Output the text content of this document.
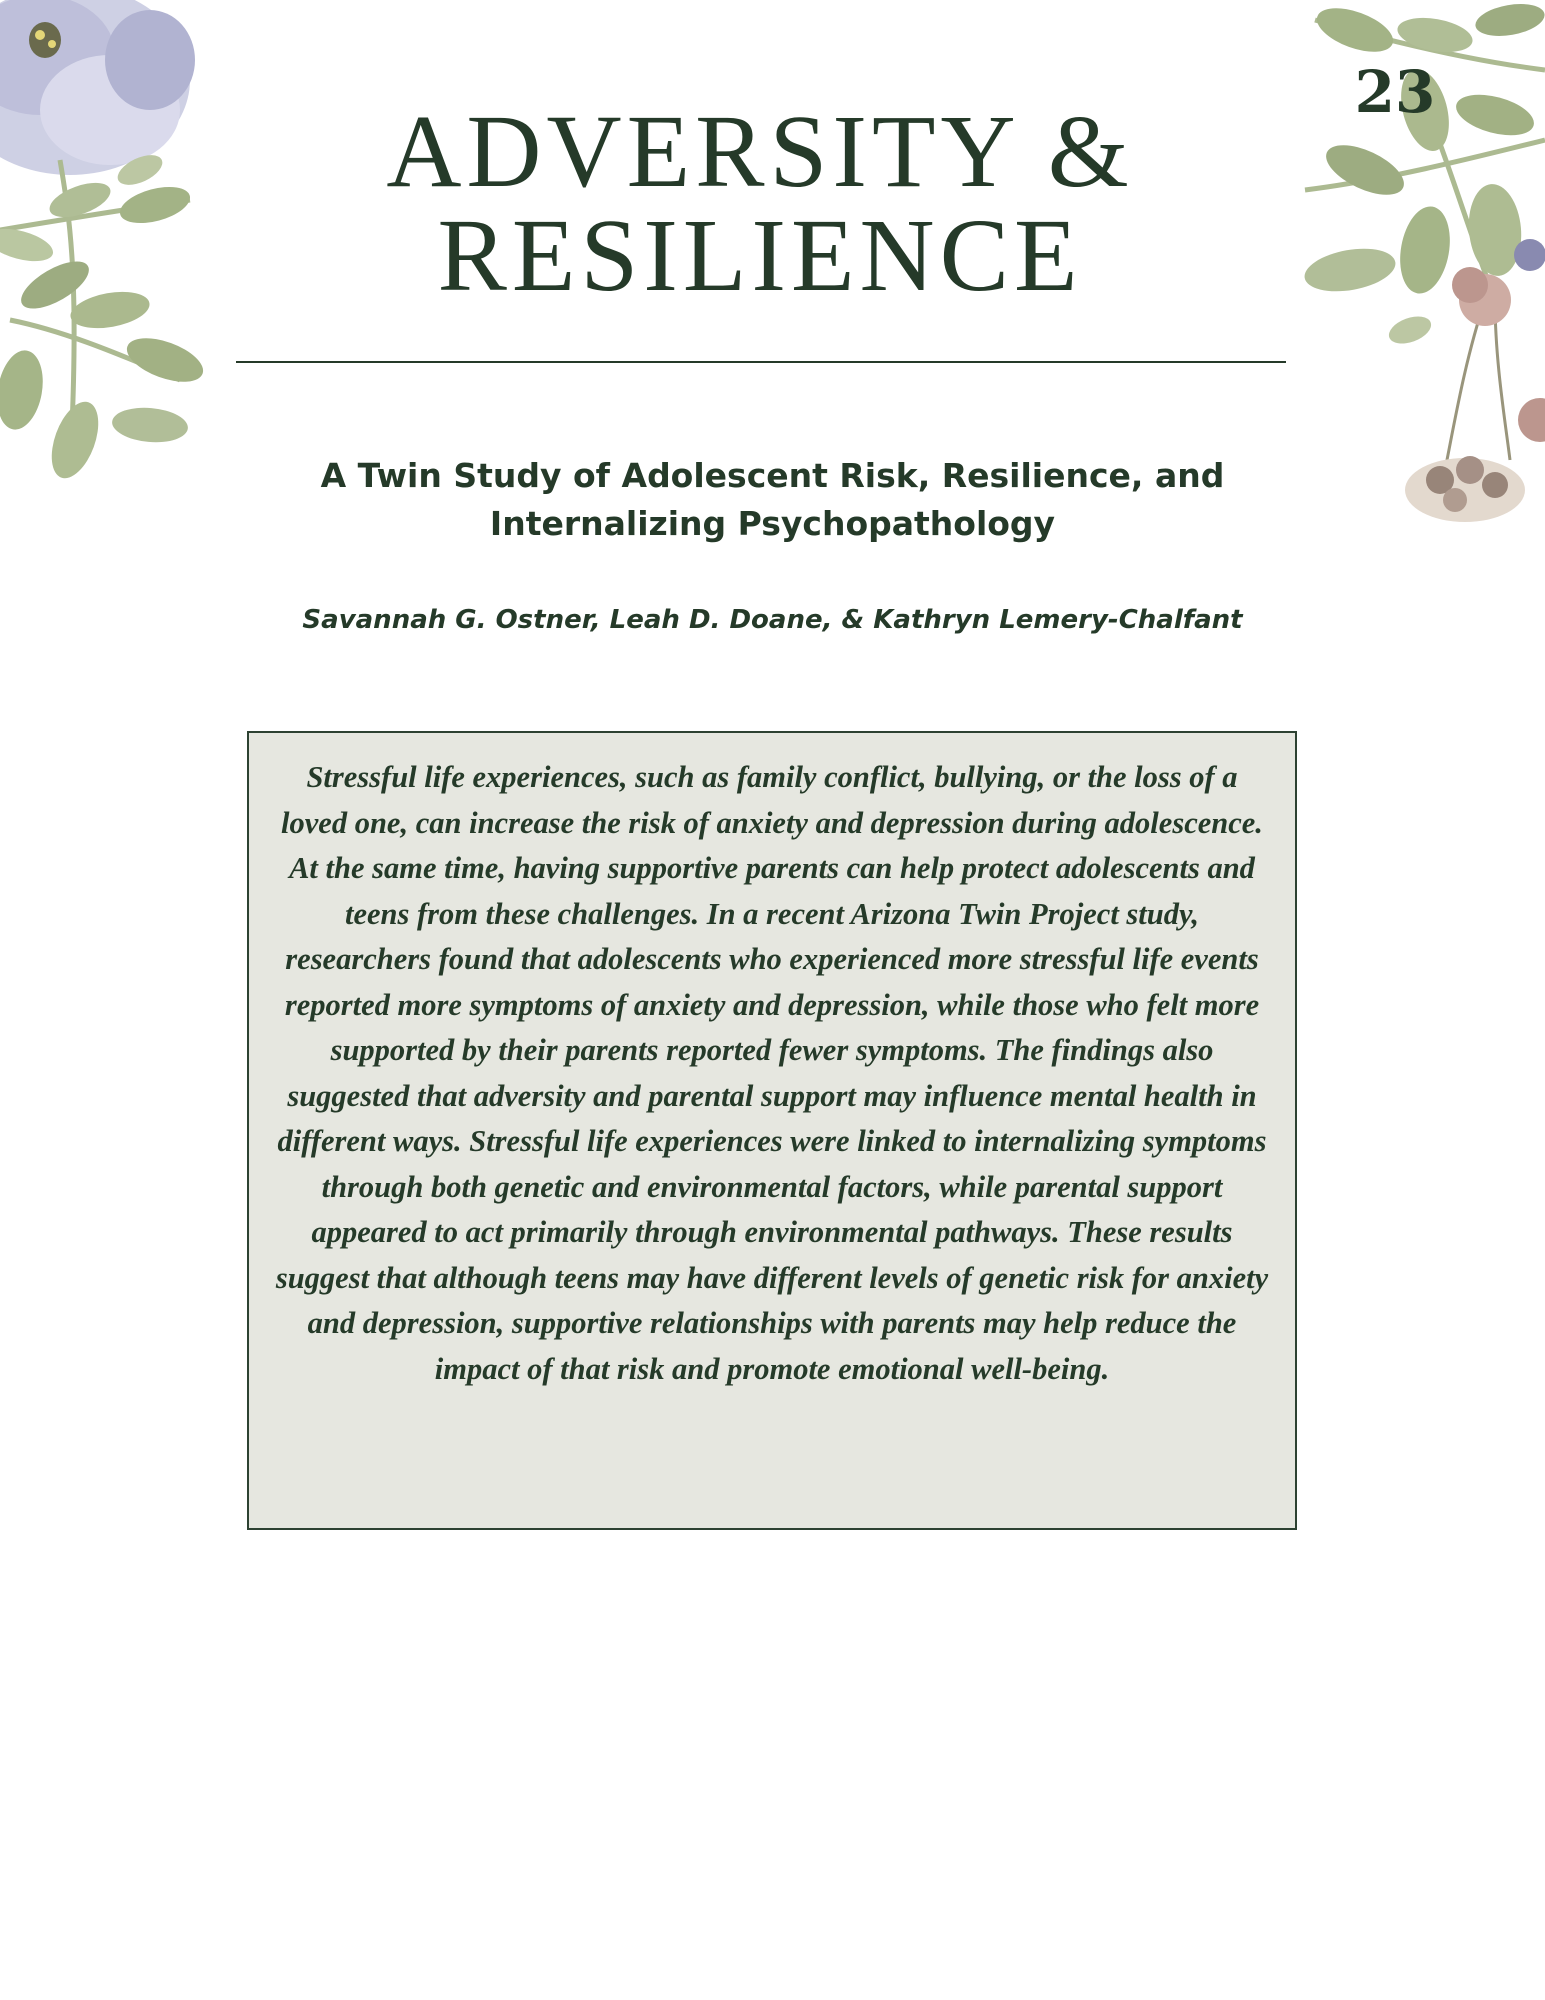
23
ADVERSITY &
RESILIENCE
A Twin Study of Adolescent Risk, Resilience, and Internalizing Psychopathology

Savannah G. Ostner, Leah D. Doane, & Kathryn Lemery-Chalfant

Stressful life experiences, such as family conflict, bullying, or the loss of a loved one, can increase the risk of anxiety and depression during adolescence. At the same time, having supportive parents can help protect adolescents and teens from these challenges. In a recent Arizona Twin Project study, researchers found that adolescents who experienced more stressful life events reported more symptoms of anxiety and depression, while those who felt more supported by their parents reported fewer symptoms. The findings also suggested that adversity and parental support may influence mental health in different ways. Stressful life experiences were linked to internalizing symptoms through both genetic and environmental factors, while parental support appeared to act primarily through environmental pathways. These results suggest that although teens may have different levels of genetic risk for anxiety and depression, supportive relationships with parents may help reduce the impact of that risk and promote emotional well-being.
